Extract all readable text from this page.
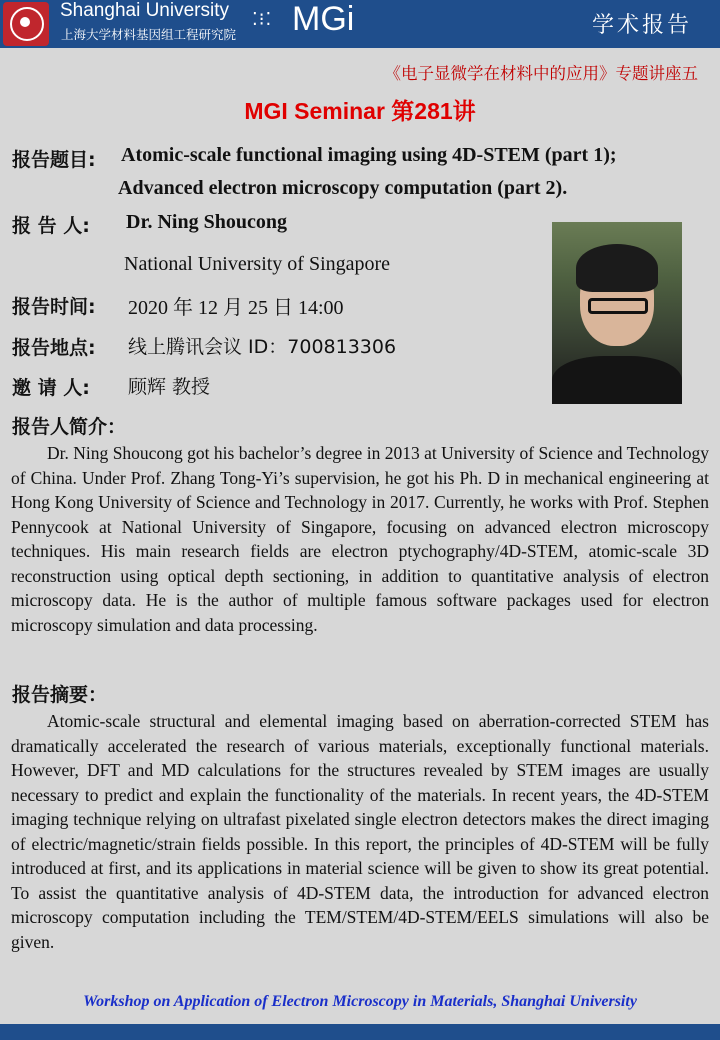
Shanghai University
上海大学材料基因组工程研究院
⁚⁝⁚ MGi	学术报告
《电子显微学在材料中的应用》专题讲座五
MGI Seminar 第281讲
报告题目: Atomic-scale functional imaging using 4D-STEM (part 1);
Advanced electron microscopy computation (part 2).
报 告 人: Dr. Ning Shoucong
National University of Singapore
报告时间: 2020 年 12 月 25 日 14:00
报告地点: 线上腾讯会议 ID：700813306
邀 请 人: 顾辉 教授
报告人简介：

Dr. Ning Shoucong got his bachelor’s degree in 2013 at University of Science and Technology of China. Under Prof. Zhang Tong-Yi’s supervision, he got his Ph. D in mechanical engineering at Hong Kong University of Science and Technology in 2017. Currently, he works with Prof. Stephen Pennycook at National University of Singapore, focusing on advanced electron microscopy techniques. His main research fields are electron ptychography/4D-STEM, atomic-scale 3D reconstruction using optical depth sectioning, in addition to quantitative analysis of electron microscopy data. He is the author of multiple famous software packages used for electron microscopy simulation and data processing.

报告摘要：

Atomic-scale structural and elemental imaging based on aberration-corrected STEM has dramatically accelerated the research of various materials, exceptionally functional materials. However, DFT and MD calculations for the structures revealed by STEM images are usually necessary to predict and explain the functionality of the materials. In recent years, the 4D-STEM imaging technique relying on ultrafast pixelated single electron detectors makes the direct imaging of electric/magnetic/strain fields possible. In this report, the principles of 4D-STEM will be fully introduced at first, and its applications in material science will be given to show its great potential. To assist the quantitative analysis of 4D-STEM data, the introduction for advanced electron microscopy computation including the TEM/STEM/4D-STEM/EELS simulations will also be given.

Workshop on Application of Electron Microscopy in Materials, Shanghai University
